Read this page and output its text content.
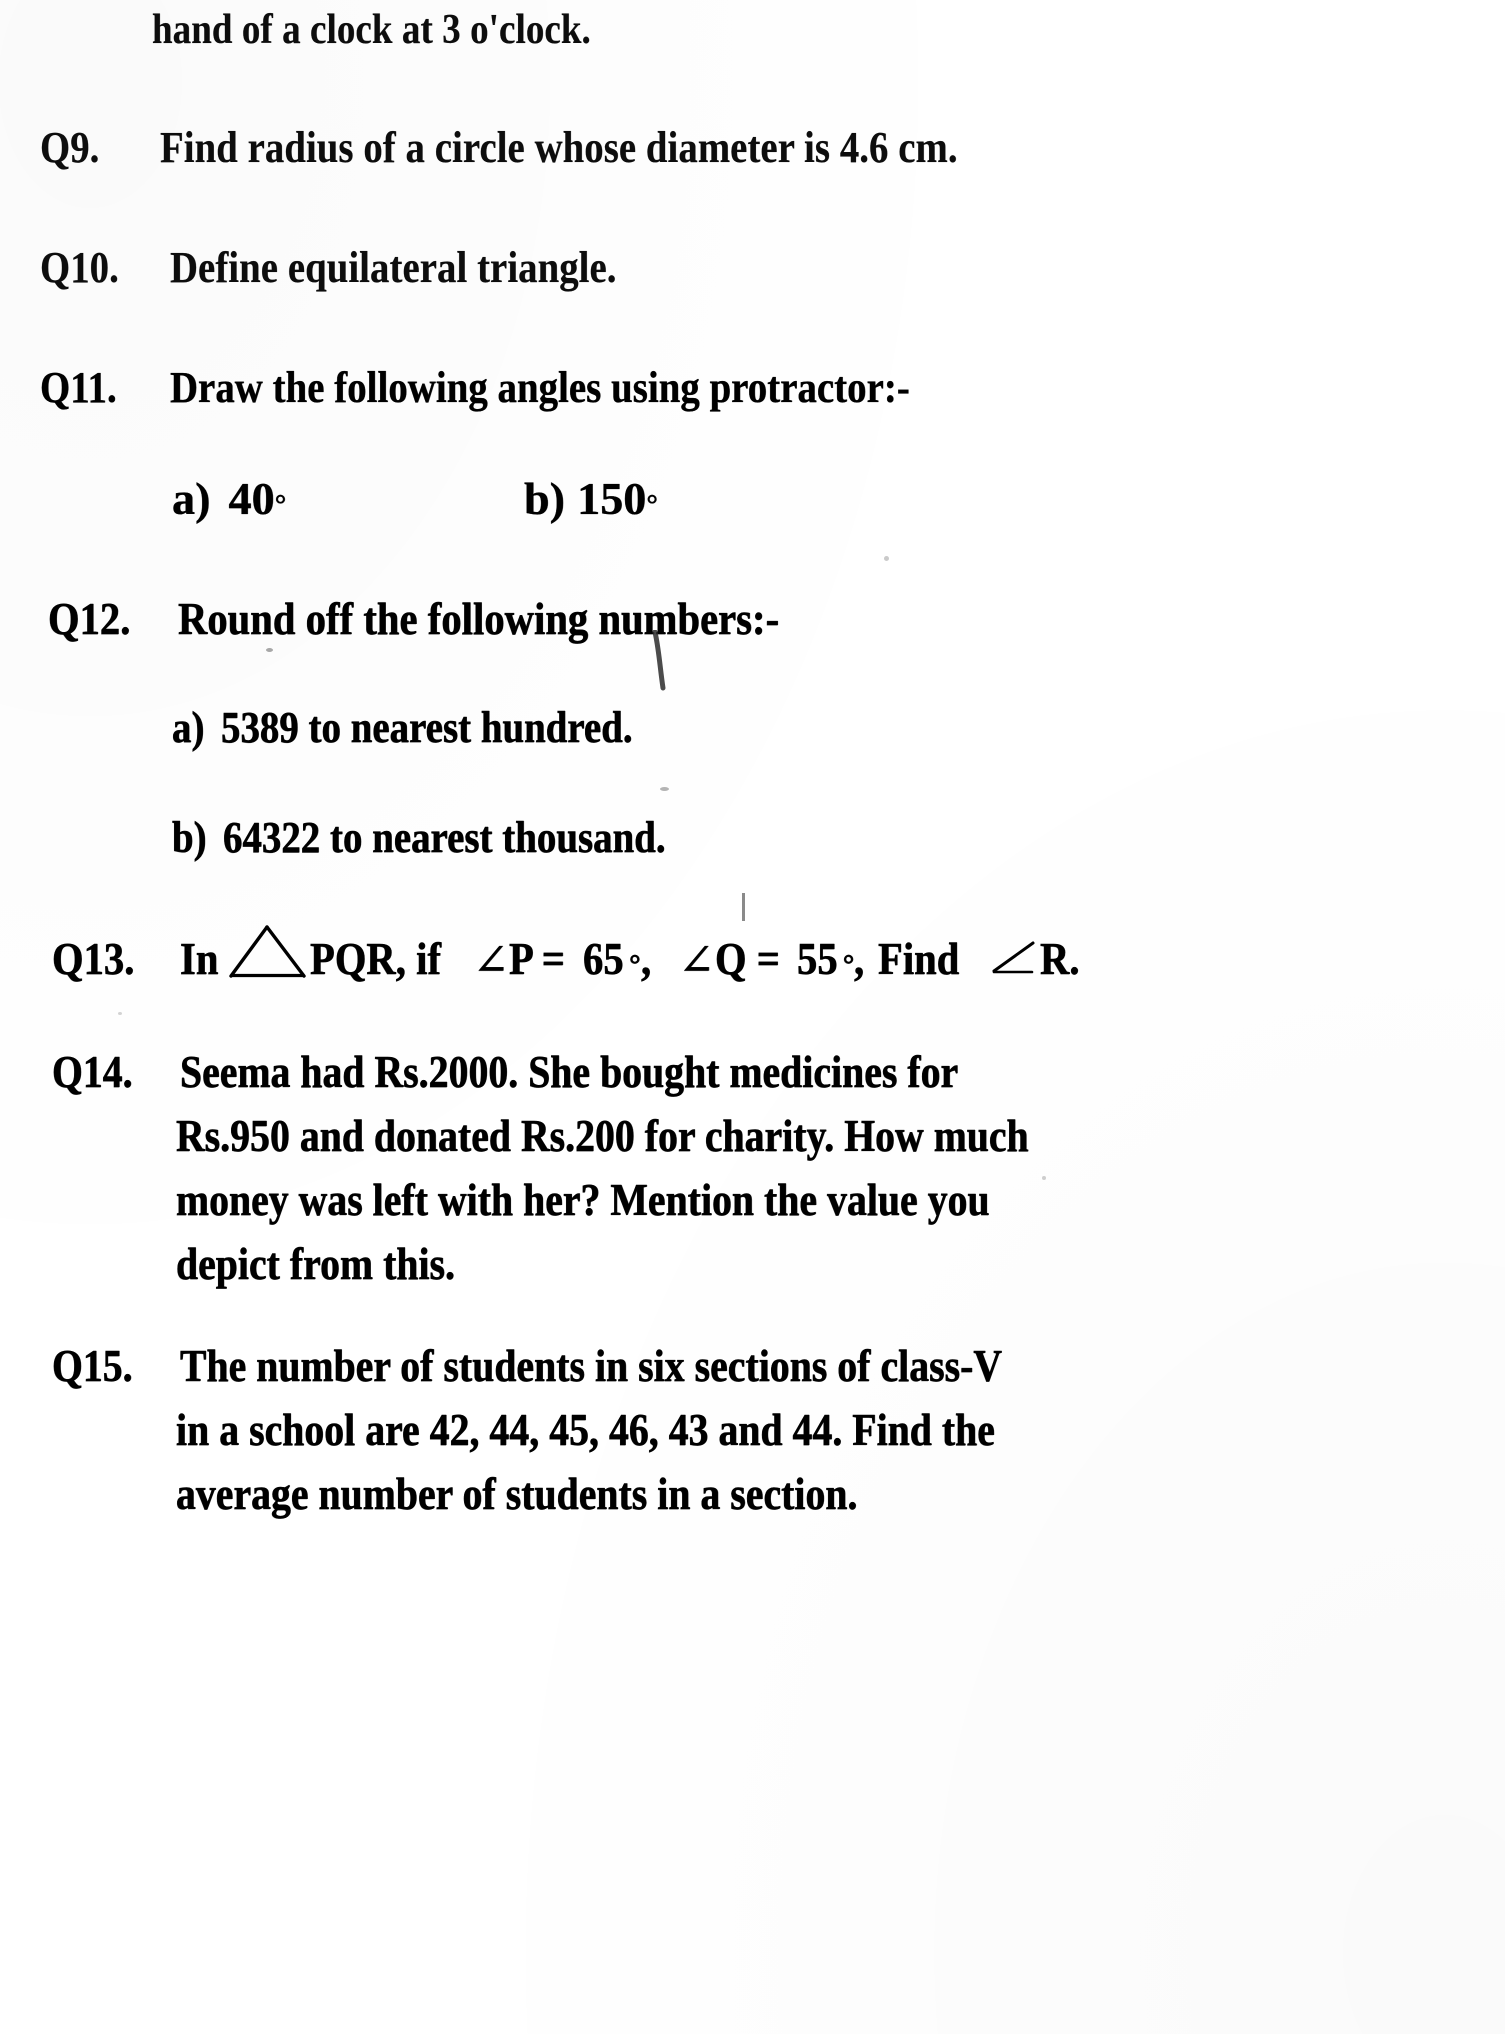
hand of a clock at 3 o'clock.
Q9.	Find radius of a circle whose diameter is 4.6 cm.
Q10.	Define equilateral triangle.
Q11.	Draw the following angles using protractor:-
a) 40 °	b) 150 °
Q12.	Round off the following numbers:-
a) 5389 to nearest hundred.
b) 64322 to nearest thousand.
Q13. In PQR, if ∠ P = 65 ° , ∠ Q = 55 ° , Find R.
Q14.	Seema had Rs.2000. She bought medicines for
Rs.950 and donated Rs.200 for charity. How much
money was left with her? Mention the value you
depict from this.
Q15.	The number of students in six sections of class-V
in a school are 42, 44, 45, 46, 43 and 44. Find the
average number of students in a section.
